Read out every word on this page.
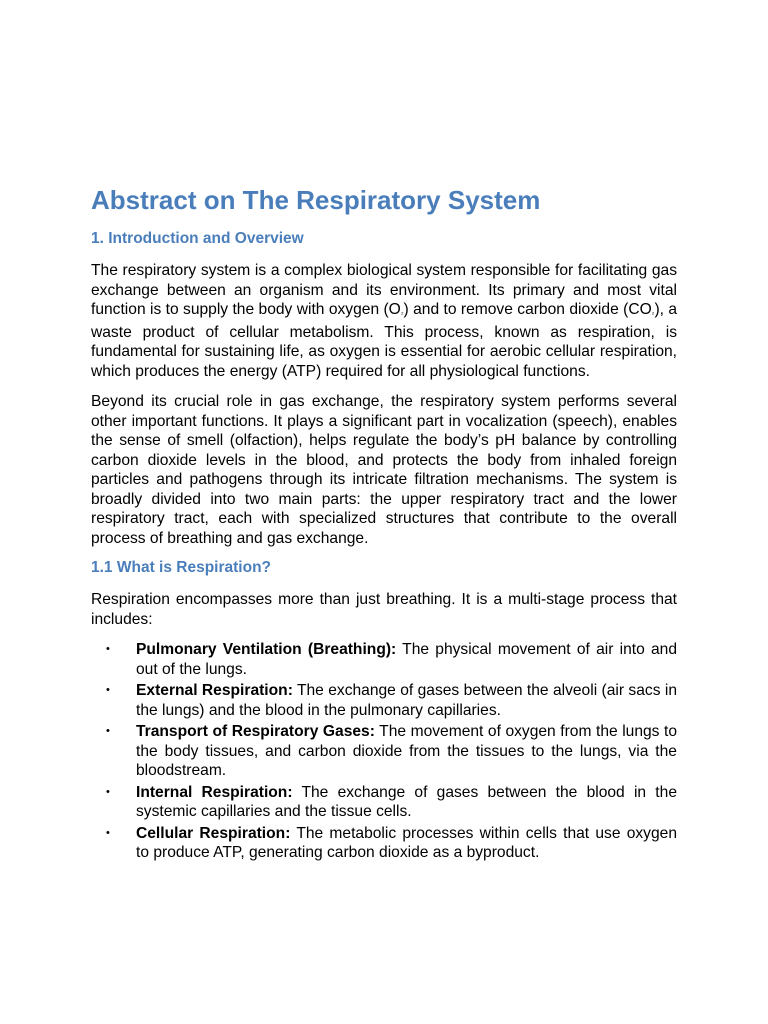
Abstract on The Respiratory System
1. Introduction and Overview

The respiratory system is a complex biological system responsible for facilitating gas exchange between an organism and its environment. Its primary and most vital function is to supply the body with oxygen (O₂) and to remove carbon dioxide (CO₂), a waste product of cellular metabolism. This process, known as respiration, is fundamental for sustaining life, as oxygen is essential for aerobic cellular respiration, which produces the energy (ATP) required for all physiological functions.

Beyond its crucial role in gas exchange, the respiratory system performs several other important functions. It plays a significant part in vocalization (speech), enables the sense of smell (olfaction), helps regulate the body’s pH balance by controlling carbon dioxide levels in the blood, and protects the body from inhaled foreign particles and pathogens through its intricate filtration mechanisms. The system is broadly divided into two main parts: the upper respiratory tract and the lower respiratory tract, each with specialized structures that contribute to the overall process of breathing and gas exchange.

1.1 What is Respiration?

Respiration encompasses more than just breathing. It is a multi-stage process that includes:

• Pulmonary Ventilation (Breathing): The physical movement of air into and out of the lungs.
• External Respiration: The exchange of gases between the alveoli (air sacs in the lungs) and the blood in the pulmonary capillaries.
• Transport of Respiratory Gases: The movement of oxygen from the lungs to the body tissues, and carbon dioxide from the tissues to the lungs, via the bloodstream.
• Internal Respiration: The exchange of gases between the blood in the systemic capillaries and the tissue cells.
• Cellular Respiration: The metabolic processes within cells that use oxygen to produce ATP, generating carbon dioxide as a byproduct.
